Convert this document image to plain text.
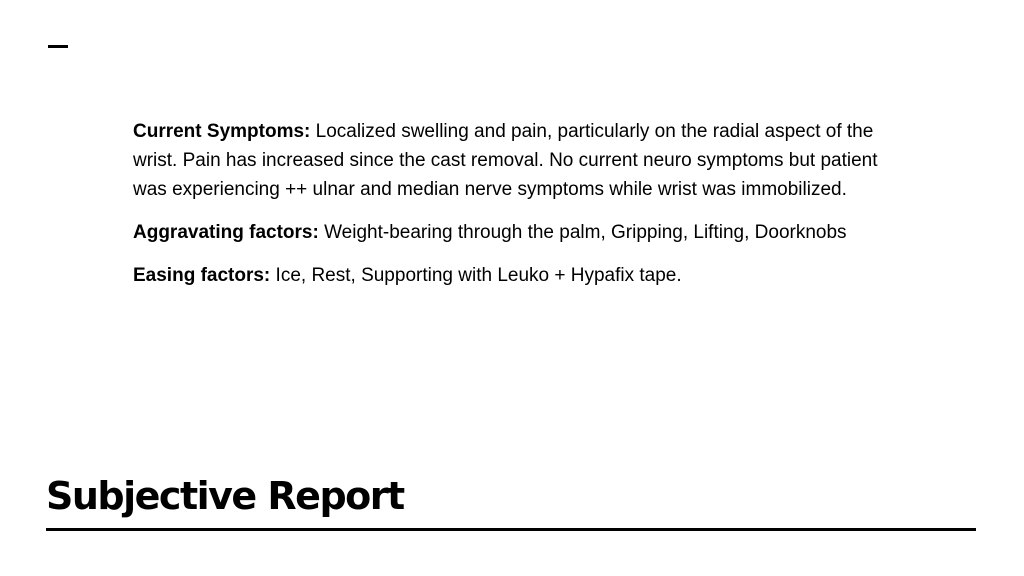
Current Symptoms: Localized swelling and pain, particularly on the radial aspect of the wrist. Pain has increased since the cast removal. No current neuro symptoms but patient was experiencing ++ ulnar and median nerve symptoms while wrist was immobilized.

Aggravating factors: Weight-bearing through the palm, Gripping, Lifting, Doorknobs

Easing factors: Ice, Rest, Supporting with Leuko + Hypafix tape.

Subjective Report
